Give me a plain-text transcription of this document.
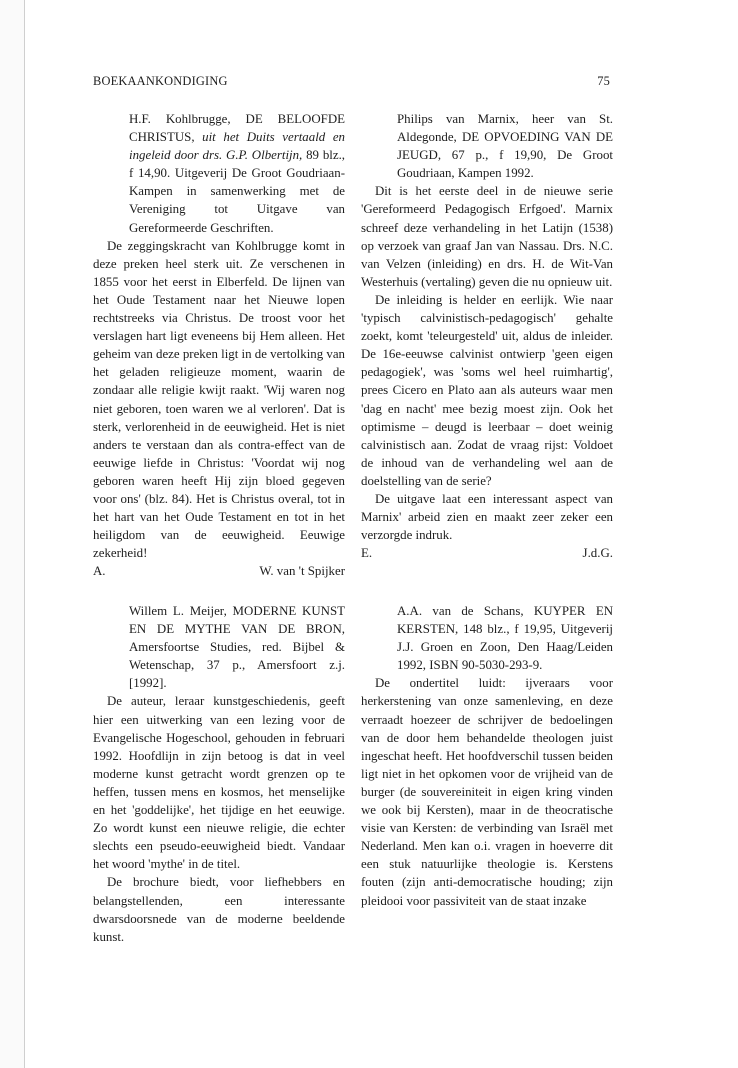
BOEKAANKONDIGING	75

H.F. Kohlbrugge, DE BELOOFDE CHRISTUS, uit het Duits vertaald en ingeleid door drs. G.P. Olbertijn, 89 blz., f 14,90. Uitgeverij De Groot Goudriaan-Kampen in samenwerking met de Vereniging tot Uitgave van Gereformeerde Geschriften.

De zeggingskracht van Kohlbrugge komt in deze preken heel sterk uit. Ze verschenen in 1855 voor het eerst in Elberfeld. De lijnen van het Oude Testament naar het Nieuwe lopen rechtstreeks via Christus. De troost voor het verslagen hart ligt eveneens bij Hem alleen. Het geheim van deze preken ligt in de vertolking van het geladen religieuze moment, waarin de zondaar alle religie kwijt raakt. 'Wij waren nog niet geboren, toen waren we al verloren'. Dat is sterk, verlorenheid in de eeuwigheid. Het is niet anders te verstaan dan als contra-effect van de eeuwige liefde in Christus: 'Voordat wij nog geboren waren heeft Hij zijn bloed gegeven voor ons' (blz. 84). Het is Christus overal, tot in het hart van het Oude Testament en tot in het heiligdom van de eeuwigheid. Eeuwige zekerheid!

A.	W. van 't Spijker

Philips van Marnix, heer van St. Aldegonde, DE OPVOEDING VAN DE JEUGD, 67 p., f 19,90, De Groot Goudriaan, Kampen 1992.

Dit is het eerste deel in de nieuwe serie 'Gereformeerd Pedagogisch Erfgoed'. Marnix schreef deze verhandeling in het Latijn (1538) op verzoek van graaf Jan van Nassau. Drs. N.C. van Velzen (inleiding) en drs. H. de Wit-Van Westerhuis (vertaling) geven die nu opnieuw uit.

De inleiding is helder en eerlijk. Wie naar 'typisch calvinistisch-pedagogisch' gehalte zoekt, komt 'teleurgesteld' uit, aldus de inleider. De 16e-eeuwse calvinist ontwierp 'geen eigen pedagogiek', was 'soms wel heel ruimhartig', prees Cicero en Plato aan als auteurs waar men 'dag en nacht' mee bezig moest zijn. Ook het optimisme – deugd is leerbaar – doet weinig calvinistisch aan. Zodat de vraag rijst: Voldoet de inhoud van de verhandeling wel aan de doelstelling van de serie?

De uitgave laat een interessant aspect van Marnix' arbeid zien en maakt zeer zeker een verzorgde indruk.

E.	J.d.G.

Willem L. Meijer, MODERNE KUNST EN DE MYTHE VAN DE BRON, Amersfoortse Studies, red. Bijbel & Wetenschap, 37 p., Amersfoort z.j. [1992].

De auteur, leraar kunstgeschiedenis, geeft hier een uitwerking van een lezing voor de Evangelische Hogeschool, gehouden in februari 1992. Hoofdlijn in zijn betoog is dat in veel moderne kunst getracht wordt grenzen op te heffen, tussen mens en kosmos, het menselijke en het 'goddelijke', het tijdige en het eeuwige. Zo wordt kunst een nieuwe religie, die echter slechts een pseudo-eeuwigheid biedt. Vandaar het woord 'mythe' in de titel.

De brochure biedt, voor liefhebbers en belangstellenden, een interessante dwarsdoorsnede van de moderne beeldende kunst.

A.A. van de Schans, KUYPER EN KERSTEN, 148 blz., f 19,95, Uitgeverij J.J. Groen en Zoon, Den Haag/Leiden 1992, ISBN 90-5030-293-9.

De ondertitel luidt: ijveraars voor herkerstening van onze samenleving, en deze verraadt hoezeer de schrijver de bedoelingen van de door hem behandelde theologen juist ingeschat heeft. Het hoofdverschil tussen beiden ligt niet in het opkomen voor de vrijheid van de burger (de souvereiniteit in eigen kring vinden we ook bij Kersten), maar in de theocratische visie van Kersten: de verbinding van Israël met Nederland. Men kan o.i. vragen in hoeverre dit een stuk natuurlijke theologie is. Kerstens fouten (zijn anti-democratische houding; zijn pleidooi voor passiviteit van de staat inzake
